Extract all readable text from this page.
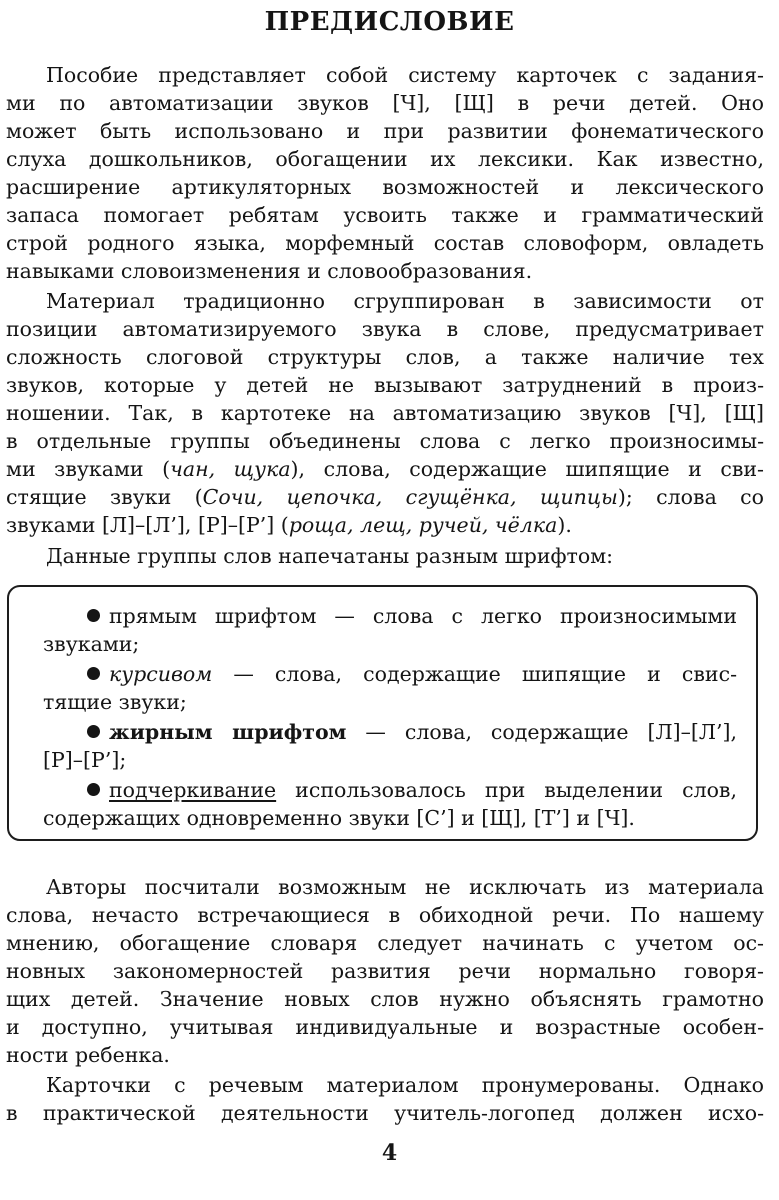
ПРЕДИСЛОВИЕ
Пособие представляет собой систему карточек с задания-
ми по автоматизации звуков [Ч], [Щ] в речи детей. Оно
может быть использовано и при развитии фонематического
слуха дошкольников, обогащении их лексики. Как известно,
расширение артикуляторных возможностей и лексического
запаса помогает ребятам усвоить также и грамматический
строй родного языка, морфемный состав словоформ, овладеть
навыками словоизменения и словообразования.
Материал традиционно сгруппирован в зависимости от
позиции автоматизируемого звука в слове, предусматривает
сложность слоговой структуры слов, а также наличие тех
звуков, которые у детей не вызывают затруднений в произ-
ношении. Так, в картотеке на автоматизацию звуков [Ч], [Щ]
в отдельные группы объединены слова с легко произносимы-
ми звуками (чан, щука), слова, содержащие шипящие и сви-
стящие звуки (Сочи, цепочка, сгущёнка, щипцы); слова со
звуками [Л]–[Л’], [Р]–[Р’] (роща, лещ, ручей, чёлка).
Данные группы слов напечатаны разным шрифтом:
прямым шрифтом — слова с легко произносимыми
звуками;
курсивом — слова, содержащие шипящие и свис-
тящие звуки;
жирным шрифтом — слова, содержащие [Л]–[Л’],
[Р]–[Р’];
подчеркивание использовалось при выделении слов,
содержащих одновременно звуки [С’] и [Щ], [Т’] и [Ч].
Авторы посчитали возможным не исключать из материала
слова, нечасто встречающиеся в обиходной речи. По нашему
мнению, обогащение словаря следует начинать с учетом ос-
новных закономерностей развития речи нормально говоря-
щих детей. Значение новых слов нужно объяснять грамотно
и доступно, учитывая индивидуальные и возрастные особен-
ности ребенка.
Карточки с речевым материалом пронумерованы. Однако
в практической деятельности учитель-логопед должен исхо-
4
